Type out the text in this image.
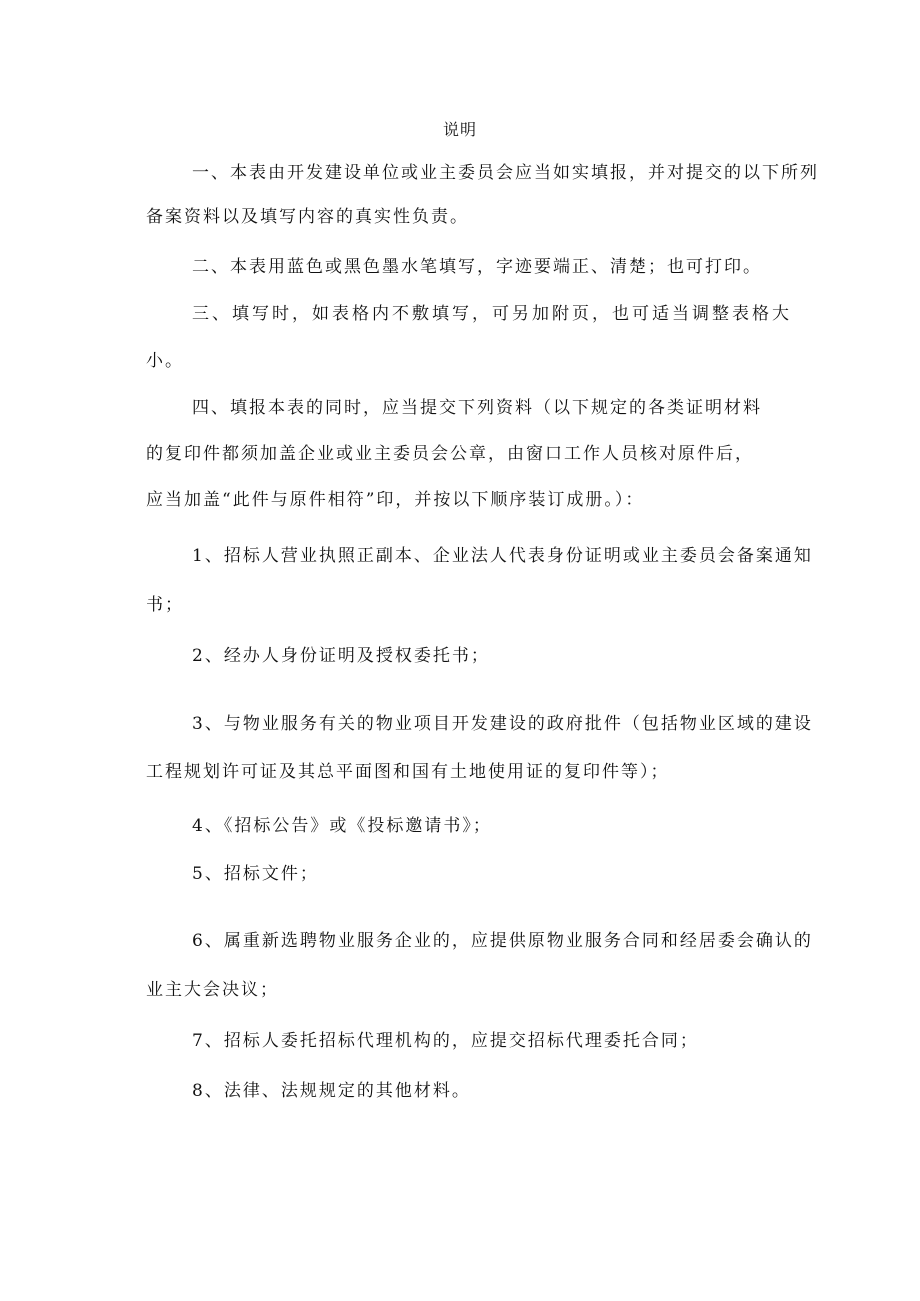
说明
一、本表由开发建设单位或业主委员会应当如实填报，并对提交的以下所列
备案资料以及填写内容的真实性负责。
二、本表用蓝色或黑色墨水笔填写，字迹要端正、清楚；也可打印。
三、填写时，如表格内不敷填写，可另加附页，也可适当调整表格大
小。
四、填报本表的同时，应当提交下列资料（以下规定的各类证明材料
的复印件都须加盖企业或业主委员会公章，由窗口工作人员核对原件后，
应当加盖“此件与原件相符”印，并按以下顺序装订成册。）：
1、招标人营业执照正副本、企业法人代表身份证明或业主委员会备案通知
书；
2、经办人身份证明及授权委托书；
3、与物业服务有关的物业项目开发建设的政府批件（包括物业区域的建设
工程规划许可证及其总平面图和国有土地使用证的复印件等）；
4、《招标公告》或《投标邀请书》；
5、招标文件；
6、属重新选聘物业服务企业的，应提供原物业服务合同和经居委会确认的
业主大会决议；
7、招标人委托招标代理机构的，应提交招标代理委托合同；
8、法律、法规规定的其他材料。
